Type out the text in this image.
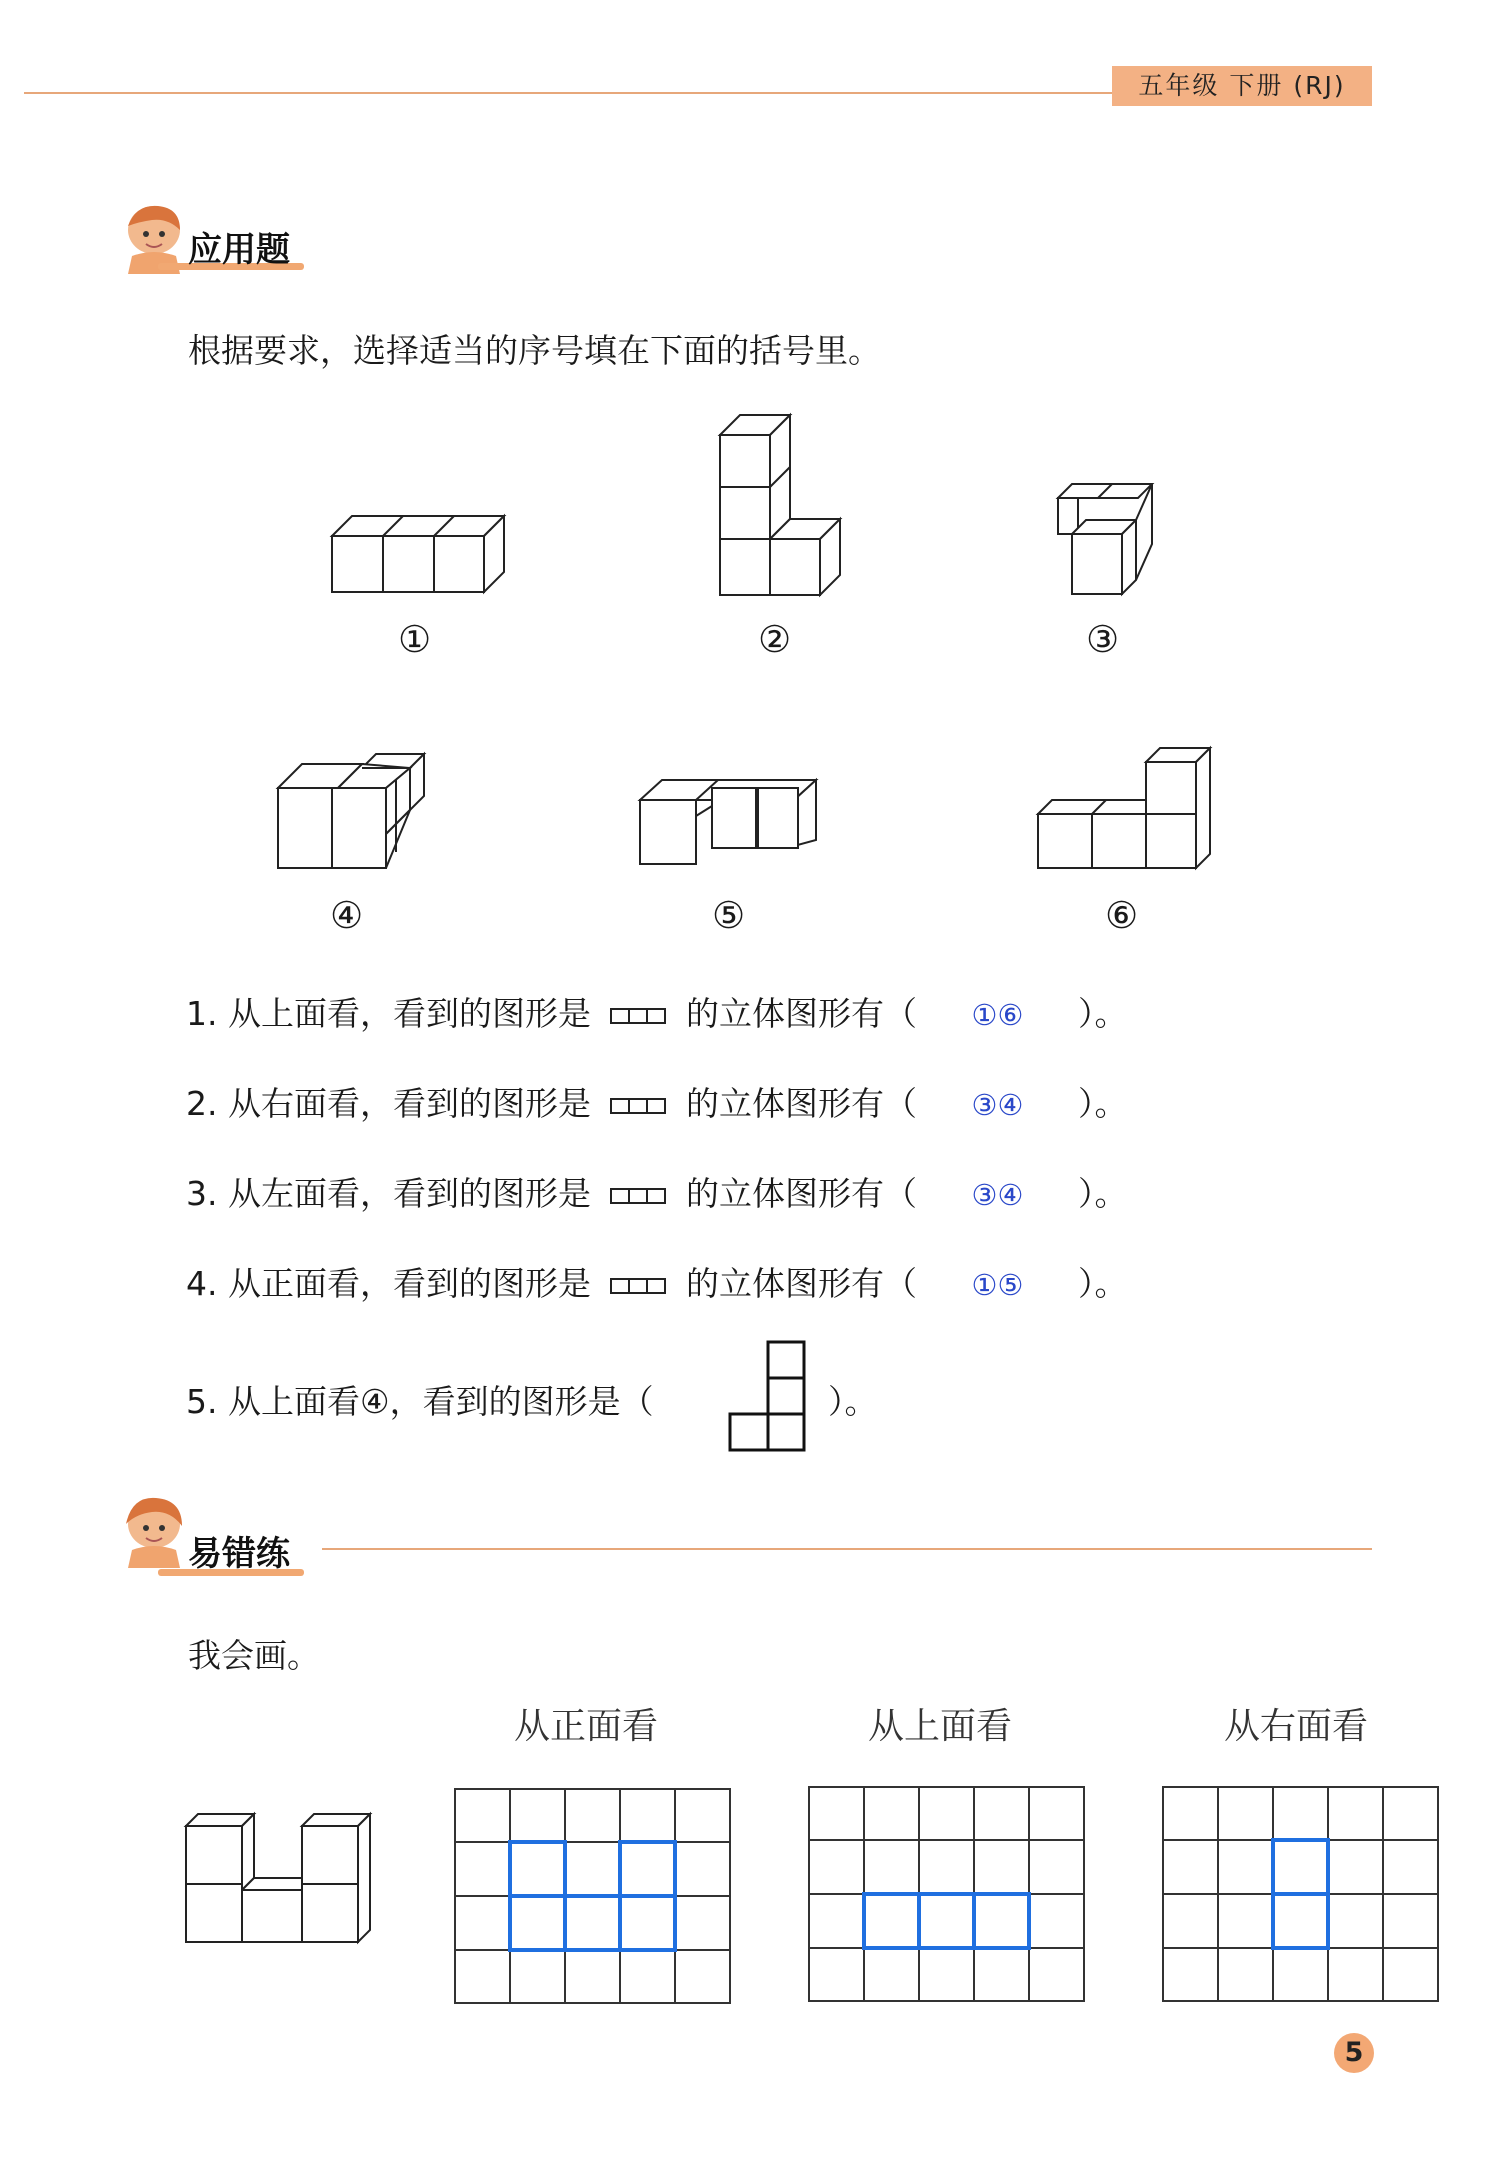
五年级 下册 (RJ)
应用题
根据要求，选择适当的序号填在下面的括号里。
①	②	③
④	⑤	⑥
1. 从上面看，看到的图形是	的立体图形有（ ①⑥ ）。
2. 从右面看，看到的图形是	的立体图形有（ ③④ ）。
3. 从左面看，看到的图形是	的立体图形有（ ③④ ）。
4. 从正面看，看到的图形是	的立体图形有（ ①⑤ ）。
5. 从上面看④，看到的图形是（	）。
易错练
我会画。
从正面看	从上面看	从右面看
5
